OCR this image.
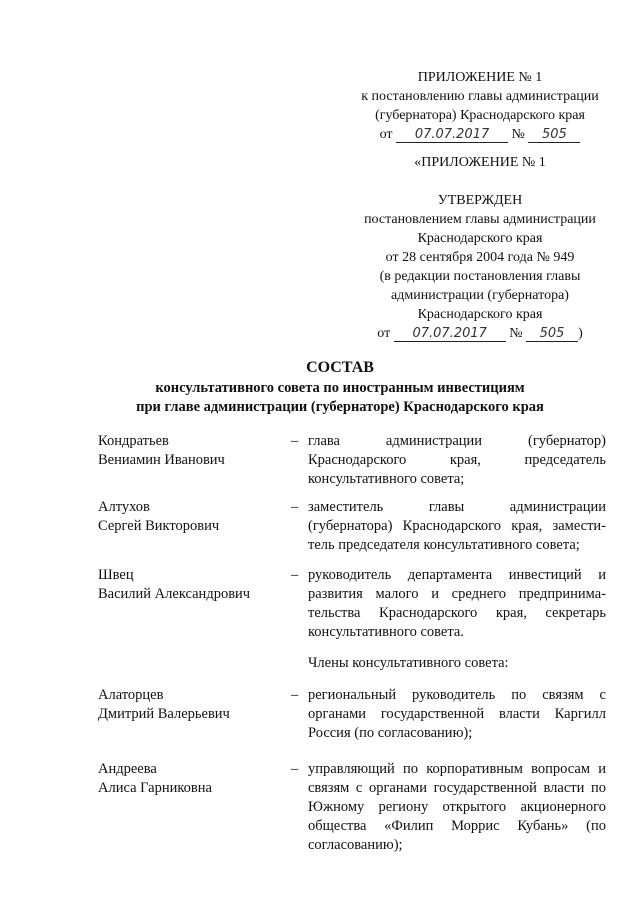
ПРИЛОЖЕНИЕ № 1
к постановлению главы администрации
(губернатора) Краснодарского края
от 07.07.2017 № 505
«ПРИЛОЖЕНИЕ № 1
УТВЕРЖДЕН
постановлением главы администрации
Краснодарского края
от 28 сентября 2004 года № 949
(в редакции постановления главы
администрации (губернатора)
Краснодарского края
от 07.07.2017 № 505 )
СОСТАВ
консультативного совета по иностранным инвестициям
при главе администрации (губернаторе) Краснодарского края
Кондратьев
Вениамин Иванович
– глава администрации (губернатор)
Краснодарского края, председатель
консультативного совета;
Алтухов
Сергей Викторович
– заместитель главы администрации
(губернатора) Краснодарского края, замести-
тель председателя консультативного совета;
Швец
Василий Александрович
– руководитель департамента инвестиций и
развития малого и среднего предпринима-
тельства Краснодарского края, секретарь
консультативного совета.
Члены консультативного совета:
Алаторцев
Дмитрий Валерьевич
– региональный руководитель по связям с
органами государственной власти Каргилл
Россия (по согласованию);
Андреева
Алиса Гарниковна
– управляющий по корпоративным вопросам и
связям с органами государственной власти по
Южному региону открытого акционерного
общества «Филип Моррис Кубань» (по
согласованию);
